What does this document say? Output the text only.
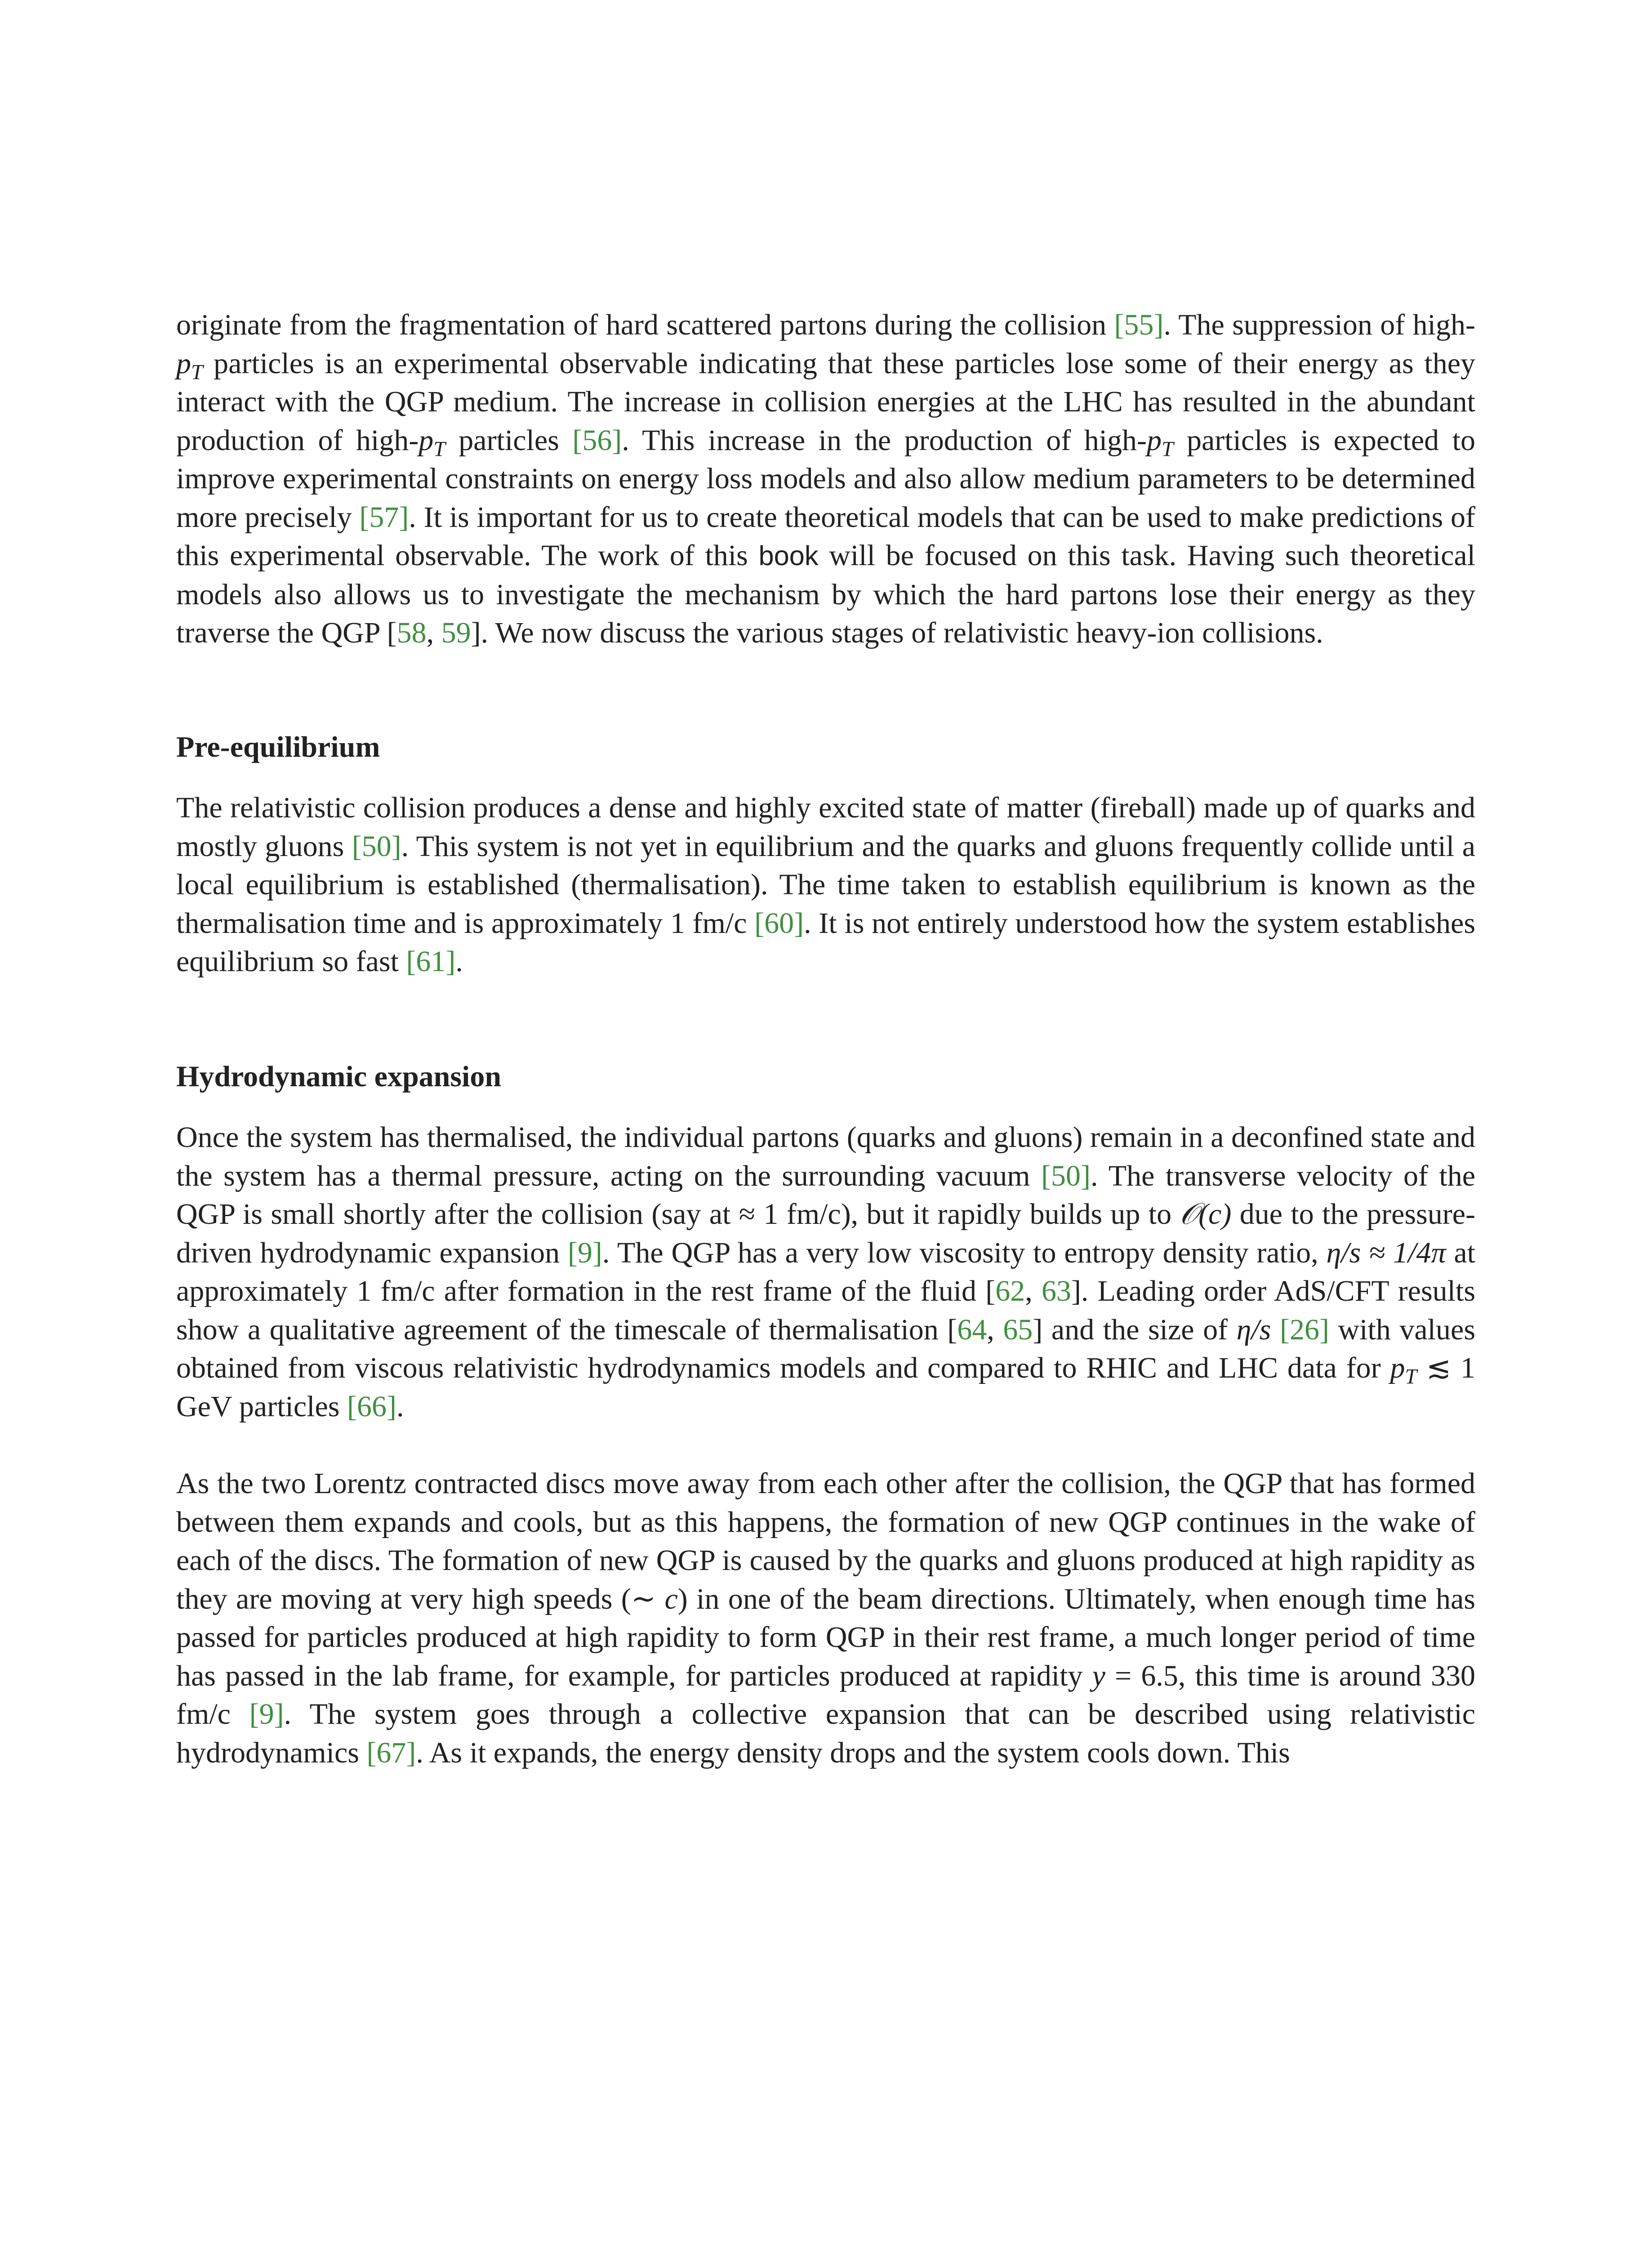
originate from the fragmentation of hard scattered partons during the collision [55]. The suppression of high-$p_T$ particles is an experimental observable indicating that these particles lose some of their energy as they interact with the QGP medium. The increase in collision energies at the LHC has resulted in the abundant production of high-$p_T$ particles [56]. This increase in the production of high-$p_T$ particles is expected to improve experimental constraints on energy loss models and also allow medium parameters to be determined more precisely [57]. It is important for us to create theoretical models that can be used to make predictions of this experimental observable. The work of this book will be focused on this task. Having such theoretical models also allows us to investigate the mechanism by which the hard partons lose their energy as they traverse the QGP [58, 59]. We now discuss the various stages of relativistic heavy-ion collisions.

Pre-equilibrium

The relativistic collision produces a dense and highly excited state of matter (fireball) made up of quarks and mostly gluons [50]. This system is not yet in equilibrium and the quarks and gluons frequently collide until a local equilibrium is established (thermalisation). The time taken to establish equilibrium is known as the thermalisation time and is approximately 1 fm/c [60]. It is not entirely understood how the system establishes equilibrium so fast [61].

Hydrodynamic expansion

Once the system has thermalised, the individual partons (quarks and gluons) remain in a deconfined state and the system has a thermal pressure, acting on the surrounding vacuum [50]. The transverse velocity of the QGP is small shortly after the collision (say at ≈ 1 fm/c), but it rapidly builds up to 𝒪(c) due to the pressure-driven hydrodynamic expansion [9]. The QGP has a very low viscosity to entropy density ratio, η/s ≈ 1/4π at approximately 1 fm/c after formation in the rest frame of the fluid [62, 63]. Leading order AdS/CFT results show a qualitative agreement of the timescale of thermalisation [64, 65] and the size of η/s [26] with values obtained from viscous relativistic hydrodynamics models and compared to RHIC and LHC data for $p_T$ ≲ 1 GeV particles [66].

As the two Lorentz contracted discs move away from each other after the collision, the QGP that has formed between them expands and cools, but as this happens, the formation of new QGP continues in the wake of each of the discs. The formation of new QGP is caused by the quarks and gluons produced at high rapidity as they are moving at very high speeds (∼ c) in one of the beam directions. Ultimately, when enough time has passed for particles produced at high rapidity to form QGP in their rest frame, a much longer period of time has passed in the lab frame, for example, for particles produced at rapidity y = 6.5, this time is around 330 fm/c [9]. The system goes through a collective expansion that can be described using relativistic hydrodynamics [67]. As it expands, the energy density drops and the system cools down. This
